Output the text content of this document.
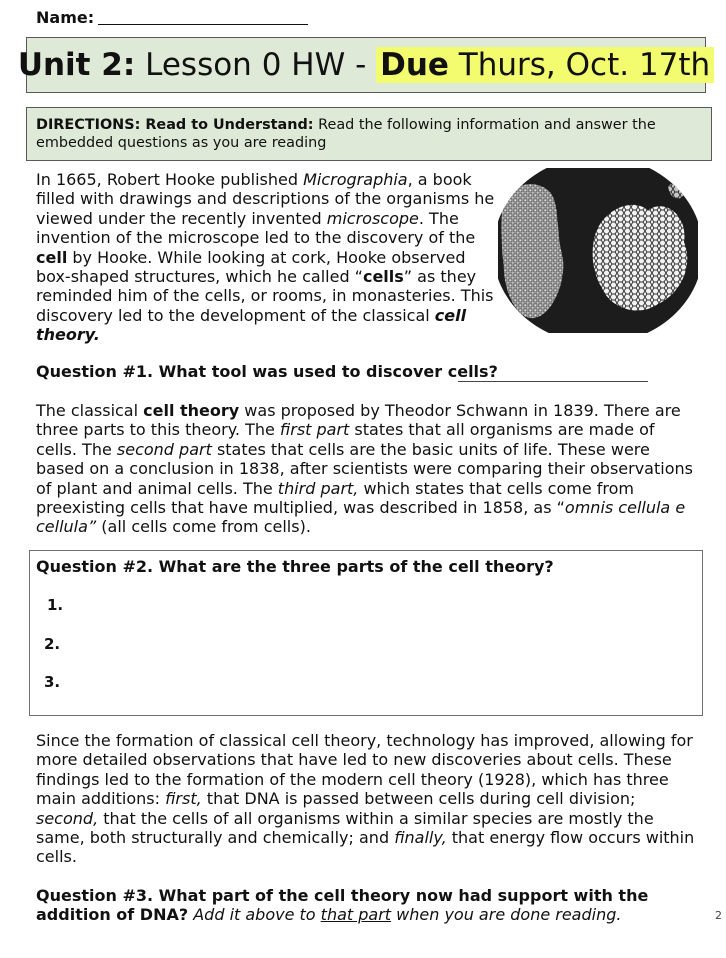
Name:
Unit 2: Lesson 0 HW - Due Thurs, Oct. 17th
DIRECTIONS: Read to Understand: Read the following information and answer the embedded questions as you are reading
In 1665, Robert Hooke published Micrographia, a book filled with drawings and descriptions of the organisms he viewed under the recently invented microscope. The invention of the microscope led to the discovery of the cell by Hooke. While looking at cork, Hooke observed box-shaped structures, which he called “cells” as they reminded him of the cells, or rooms, in monasteries. This discovery led to the development of the classical cell theory.
Question #1. What tool was used to discover cells?
The classical cell theory was proposed by Theodor Schwann in 1839. There are three parts to this theory. The first part states that all organisms are made of cells. The second part states that cells are the basic units of life. These were based on a conclusion in 1838, after scientists were comparing their observations of plant and animal cells. The third part, which states that cells come from preexisting cells that have multiplied, was described in 1858, as “omnis cellula e cellula” (all cells come from cells).
Question #2. What are the three parts of the cell theory?
1.
2.
3.
Since the formation of classical cell theory, technology has improved, allowing for more detailed observations that have led to new discoveries about cells. These findings led to the formation of the modern cell theory (1928), which has three main additions: first, that DNA is passed between cells during cell division; second, that the cells of all organisms within a similar species are mostly the same, both structurally and chemically; and finally, that energy flow occurs within cells.
Question #3. What part of the cell theory now had support with the addition of DNA? Add it above to that part when you are done reading.	2
